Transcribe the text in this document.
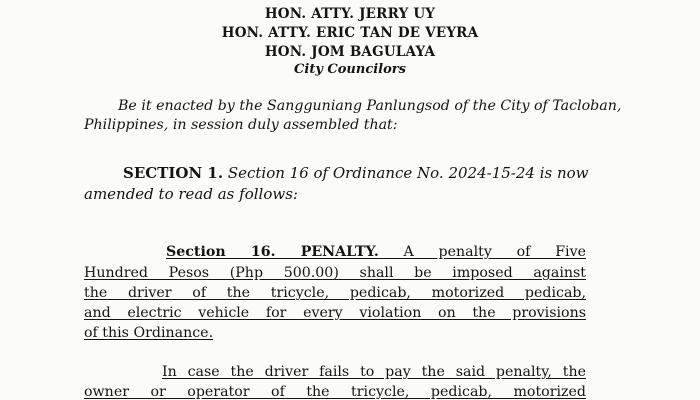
HON. ATTY. JERRY UY
HON. ATTY. ERIC TAN DE VEYRA
HON. JOM BAGULAYA
City Councilors
Be it enacted by the Sangguniang Panlungsod of the City of Tacloban,
Philippines, in session duly assembled that:
SECTION 1. Section 16 of Ordinance No. 2024-15-24 is now
amended to read as follows:
Section 16. PENALTY. A penalty of Five
Hundred Pesos (Php 500.00) shall be imposed against
the driver of the tricycle, pedicab, motorized pedicab,
and electric vehicle for every violation on the provisions
of this Ordinance.
In case the driver fails to pay the said penalty, the
owner or operator of the tricycle, pedicab, motorized
